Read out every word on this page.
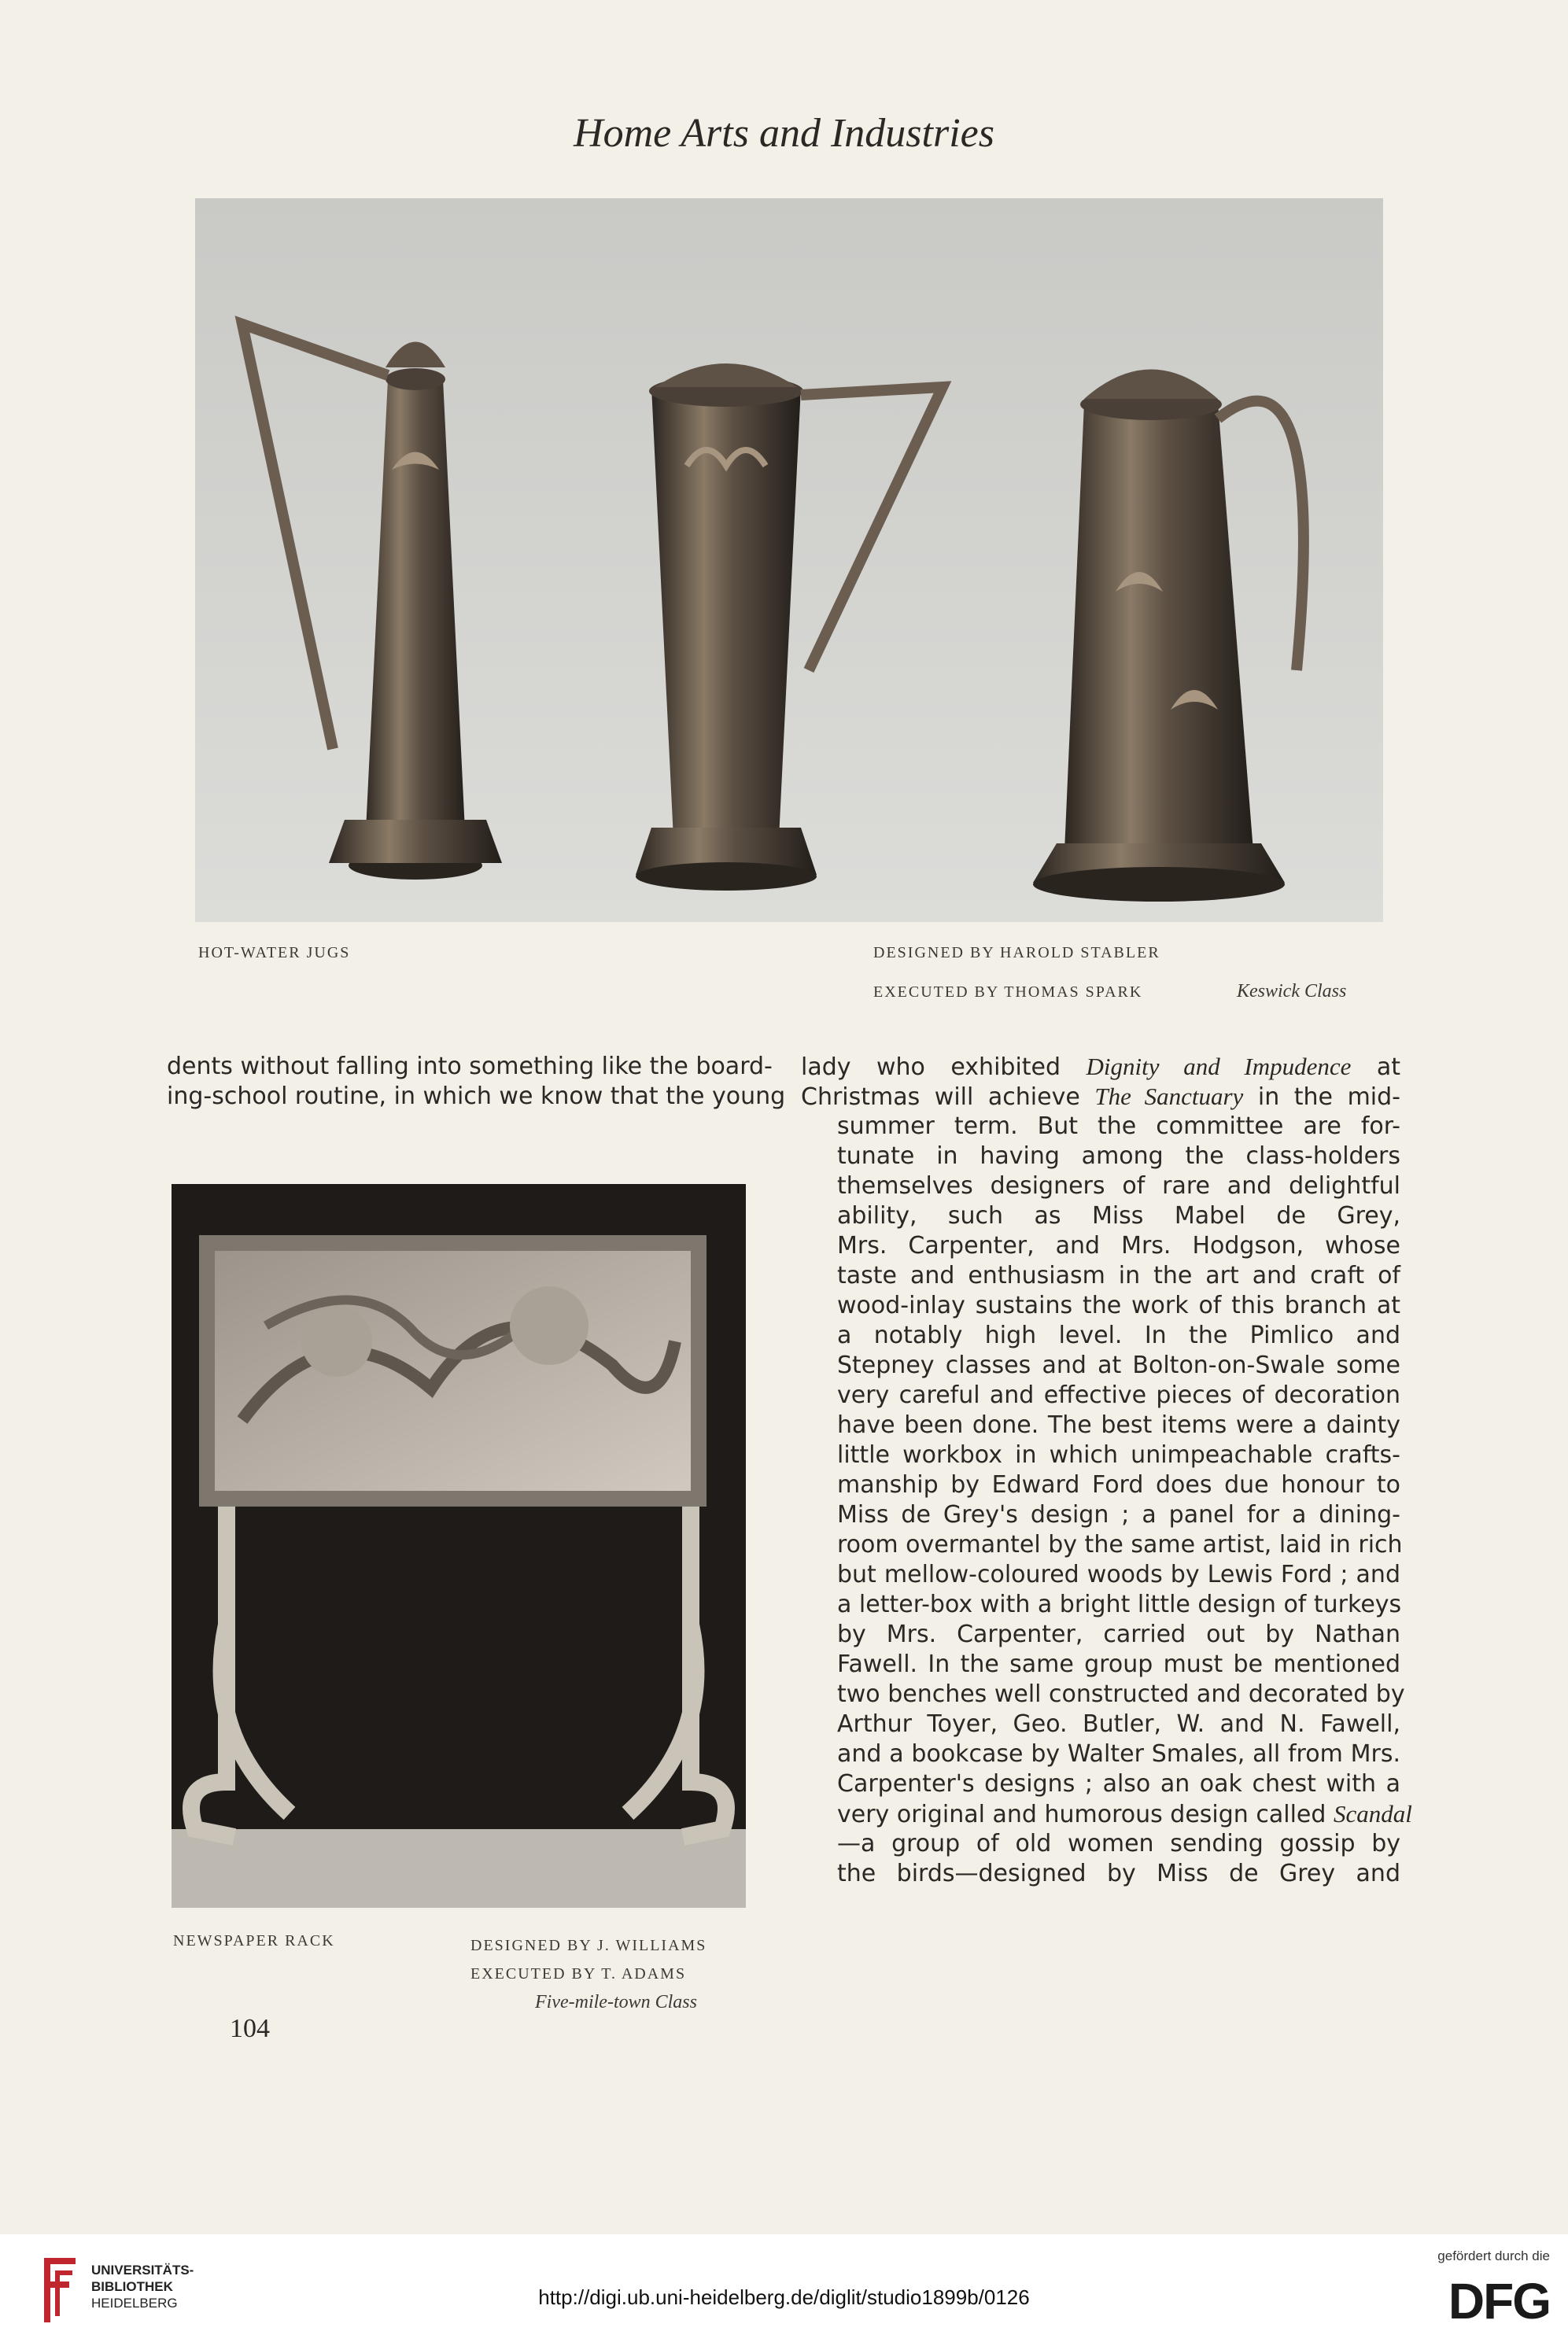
Home Arts and Industries
HOT-WATER JUGS	DESIGNED BY HAROLD STABLER
EXECUTED BY THOMAS SPARK	Keswick Class
dents without falling into something like the board-
ing-school routine, in which we know that the young
NEWSPAPER RACK	DESIGNED BY J. WILLIAMS
EXECUTED BY T. ADAMS
Five-mile-town Class
lady who exhibited Dignity and Impudence at
Christmas will achieve The Sanctuary in the mid-
summer term. But the committee are for-
tunate in having among the class-holders
themselves designers of rare and delightful
ability, such as Miss Mabel de Grey,
Mrs. Carpenter, and Mrs. Hodgson, whose
taste and enthusiasm in the art and craft of
wood-inlay sustains the work of this branch at
a notably high level. In the Pimlico and
Stepney classes and at Bolton-on-Swale some
very careful and effective pieces of decoration
have been done. The best items were a dainty
little workbox in which unimpeachable crafts-
manship by Edward Ford does due honour to
Miss de Grey's design ; a panel for a dining-
room overmantel by the same artist, laid in rich
but mellow-coloured woods by Lewis Ford ; and
a letter-box with a bright little design of turkeys
by Mrs. Carpenter, carried out by Nathan
Fawell. In the same group must be mentioned
two benches well constructed and decorated by
Arthur Toyer, Geo. Butler, W. and N. Fawell,
and a bookcase by Walter Smales, all from Mrs.
Carpenter's designs ; also an oak chest with a
very original and humorous design called Scandal
—a group of old women sending gossip by
the birds—designed by Miss de Grey and
104
UNIVERSITÄTS-
BIBLIOTHEK
HEIDELBERG	http://digi.ub.uni-heidelberg.de/diglit/studio1899b/0126
gefördert durch die
DFG
